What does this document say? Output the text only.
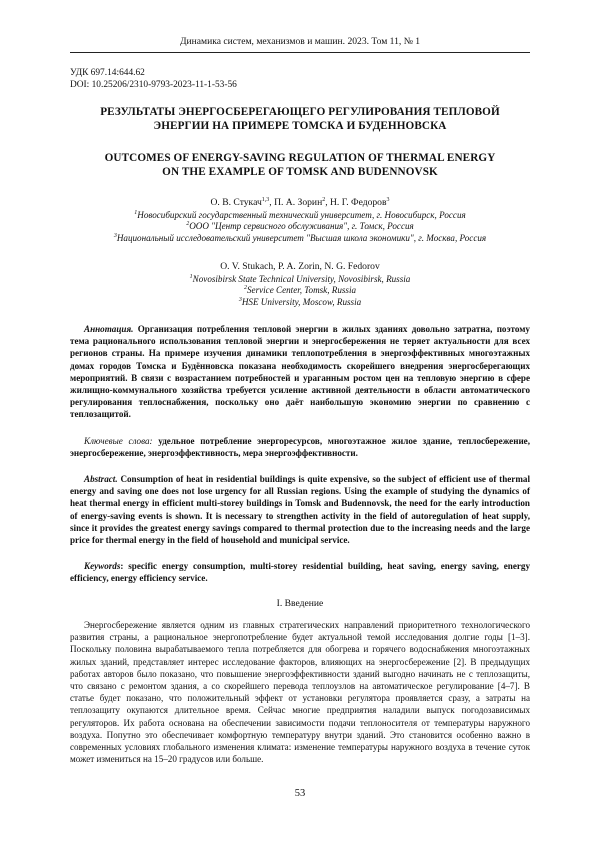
Динамика систем, механизмов и машин. 2023. Том 11, № 1
УДК 697.14:644.62
DOI: 10.25206/2310-9793-2023-11-1-53-56
РЕЗУЛЬТАТЫ ЭНЕРГОСБЕРЕГАЮЩЕГО РЕГУЛИРОВАНИЯ ТЕПЛОВОЙ
ЭНЕРГИИ НА ПРИМЕРЕ ТОМСКА И БУДЕННОВСКА
OUTCOMES OF ENERGY-SAVING REGULATION OF THERMAL ENERGY
ON THE EXAMPLE OF TOMSK AND BUDENNOVSK
О. В. Стукач$^{1,3}$, П. А. Зорин$^2$, Н. Г. Федоров$^3$
$^1$Новосибирский государственный технический университет, г. Новосибирск, Россия
$^2$ООО "Центр сервисного обслуживания", г. Томск, Россия
$^3$Национальный исследовательский университет "Высшая школа экономики", г. Москва, Россия
O. V. Stukach, P. A. Zorin, N. G. Fedorov
$^1$Novosibirsk State Technical University, Novosibirsk, Russia
$^2$Service Center, Tomsk, Russia
$^3$HSE University, Moscow, Russia
Аннотация. Организация потребления тепловой энергии в жилых зданиях довольно затратна, поэтому тема рационального использования тепловой энергии и энергосбережения не теряет актуальности для всех регионов страны. На примере изучения динамики теплопотребления в энергоэффективных многоэтажных домах городов Томска и Будённовска показана необходимость скорейшего внедрения энергосберегающих мероприятий. В связи с возрастанием потребностей и ураганным ростом цен на тепловую энергию в сфере жилищно-коммунального хозяйства требуется усиление активной деятельности в области автоматического регулирования теплоснабжения, поскольку оно даёт наибольшую экономию энергии по сравнению с теплозащитой.
Ключевые слова: удельное потребление энергоресурсов, многоэтажное жилое здание, теплосбережение, энергосбережение, энергоэффективность, мера энергоэффективности.
Abstract. Consumption of heat in residential buildings is quite expensive, so the subject of efficient use of thermal energy and saving one does not lose urgency for all Russian regions. Using the example of studying the dynamics of heat thermal energy in efficient multi-storey buildings in Tomsk and Budennovsk, the need for the early introduction of energy-saving events is shown. It is necessary to strengthen activity in the field of autoregulation of heat supply, since it provides the greatest energy savings compared to thermal protection due to the increasing needs and the large price for thermal energy in the field of household and municipal service.
Keywords: specific energy consumption, multi-storey residential building, heat saving, energy saving, energy efficiency, energy efficiency service.
I. Введение
Энергосбережение является одним из главных стратегических направлений приоритетного технологического развития страны, а рациональное энергопотребление будет актуальной темой исследования долгие годы [1–3]. Поскольку половина вырабатываемого тепла потребляется для обогрева и горячего водоснабжения многоэтажных жилых зданий, представляет интерес исследование факторов, влияющих на энергосбережение [2]. В предыдущих работах авторов было показано, что повышение энергоэффективности зданий выгодно начинать не с теплозащиты, что связано с ремонтом здания, а со скорейшего перевода теплоузлов на автоматическое регулирование [4–7]. В статье будет показано, что положительный эффект от установки регулятора проявляется сразу, а затраты на теплозащиту окупаются длительное время. Сейчас многие предприятия наладили выпуск погодозависимых регуляторов. Их работа основана на обеспечении зависимости подачи теплоносителя от температуры наружного воздуха. Попутно это обеспечивает комфортную температуру внутри зданий. Это становится особенно важно в современных условиях глобального изменения климата: изменение температуры наружного воздуха в течение суток может измениться на 15–20 градусов или больше.
53
